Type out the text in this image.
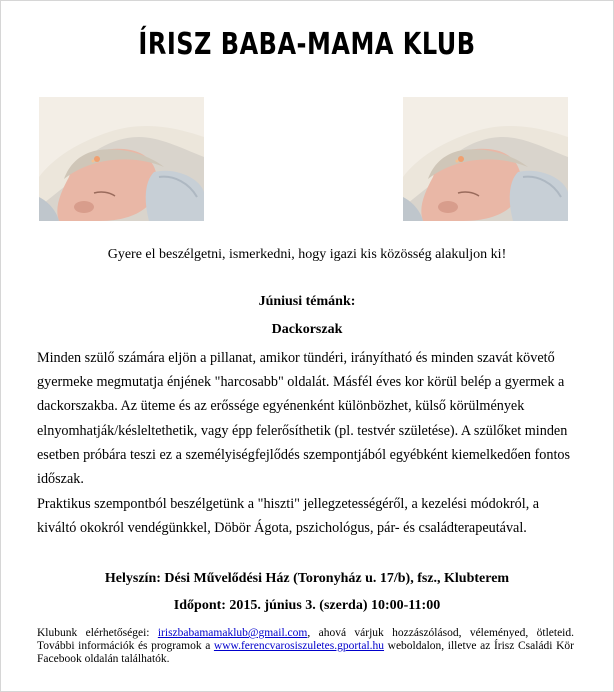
ÍRISZ BABA-MAMA KLUB
Gyere el beszélgetni, ismerkedni, hogy igazi kis közösség alakuljon ki!
Júniusi témánk:
Dackorszak
Minden szülő számára eljön a pillanat, amikor tündéri, irányítható és minden szavát követő gyermeke megmutatja énjének "harcosabb" oldalát. Másfél éves kor körül belép a gyermek a dackorszakba. Az üteme és az erőssége egyénenként különbözhet, külső körülmények elnyomhatják/késleltethetik, vagy épp felerősíthetik (pl. testvér születése). A szülőket minden esetben próbára teszi ez a személyiségfejlődés szempontjából egyébként kiemelkedően fontos időszak.
Praktikus szempontból beszélgetünk a "hiszti" jellegzetességéről, a kezelési módokról, a kiváltó okokról vendégünkkel, Döbör Ágota, pszichológus, pár- és családterapeutával.
Helyszín: Dési Művelődési Ház (Toronyház u. 17/b), fsz., Klubterem
Időpont: 2015. június 3. (szerda) 10:00-11:00
Klubunk elérhetőségei: iriszbabamamaklub@gmail.com, ahová várjuk hozzászólásod, véleményed, ötleteid. További információk és programok a www.ferencvarosiszuletes.gportal.hu weboldalon, illetve az Írisz Családi Kör Facebook oldalán találhatók.
